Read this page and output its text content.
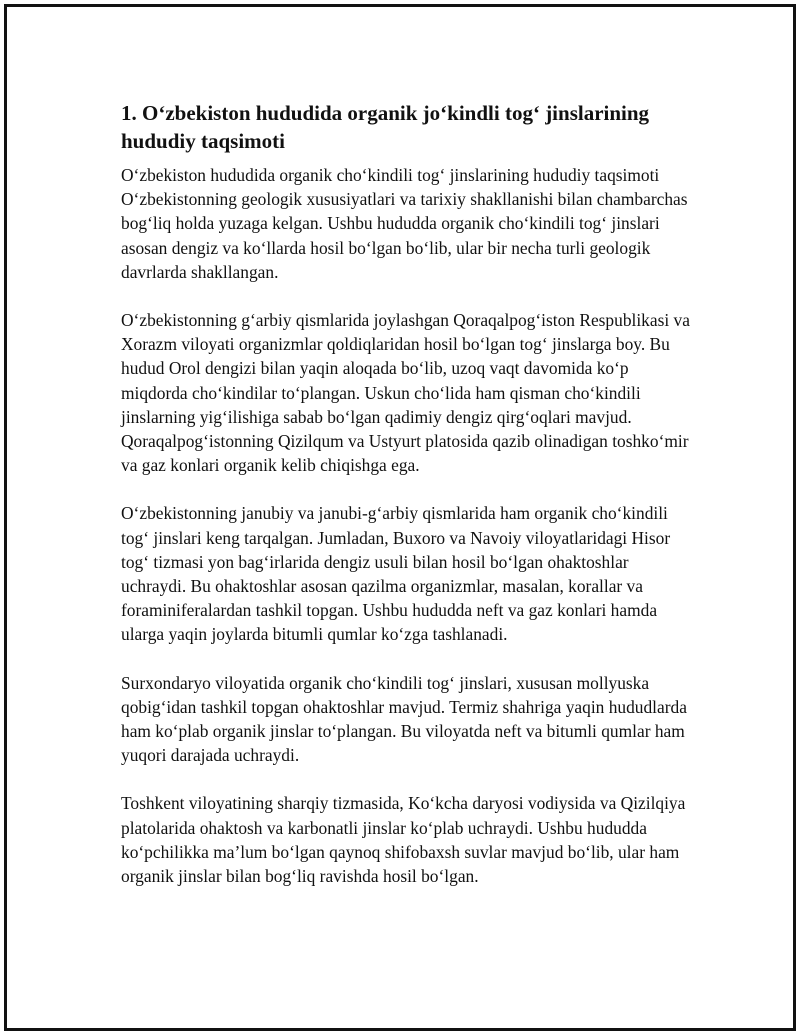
1. O‘zbekiston hududida organik jo‘kindli tog‘ jinslarining hududiy taqsimoti

O‘zbekiston hududida organik cho‘kindili tog‘ jinslarining hududiy taqsimoti O‘zbekistonning geologik xususiyatlari va tarixiy shakllanishi bilan chambarchas bog‘liq holda yuzaga kelgan. Ushbu hududda organik cho‘kindili tog‘ jinslari asosan dengiz va ko‘llarda hosil bo‘lgan bo‘lib, ular bir necha turli geologik davrlarda shakllangan.

O‘zbekistonning g‘arbiy qismlarida joylashgan Qoraqalpog‘iston Respublikasi va Xorazm viloyati organizmlar qoldiqlaridan hosil bo‘lgan tog‘ jinslarga boy. Bu hudud Orol dengizi bilan yaqin aloqada bo‘lib, uzoq vaqt davomida ko‘p miqdorda cho‘kindilar to‘plangan. Uskun cho‘lida ham qisman cho‘kindili jinslarning yig‘ilishiga sabab bo‘lgan qadimiy dengiz qirg‘oqlari mavjud. Qoraqalpog‘istonning Qizilqum va Ustyurt platosida qazib olinadigan toshko‘mir va gaz konlari organik kelib chiqishga ega.

O‘zbekistonning janubiy va janubi-g‘arbiy qismlarida ham organik cho‘kindili tog‘ jinslari keng tarqalgan. Jumladan, Buxoro va Navoiy viloyatlaridagi Hisor tog‘ tizmasi yon bag‘irlarida dengiz usuli bilan hosil bo‘lgan ohaktoshlar uchraydi. Bu ohaktoshlar asosan qazilma organizmlar, masalan, korallar va foraminiferalardan tashkil topgan. Ushbu hududda neft va gaz konlari hamda ularga yaqin joylarda bitumli qumlar ko‘zga tashlanadi.

Surxondaryo viloyatida organik cho‘kindili tog‘ jinslari, xususan mollyuska qobig‘idan tashkil topgan ohaktoshlar mavjud. Termiz shahriga yaqin hududlarda ham ko‘plab organik jinslar to‘plangan. Bu viloyatda neft va bitumli qumlar ham yuqori darajada uchraydi.

Toshkent viloyatining sharqiy tizmasida, Ko‘kcha daryosi vodiysida va Qizilqiya platolarida ohaktosh va karbonatli jinslar ko‘plab uchraydi. Ushbu hududda ko‘pchilikka ma’lum bo‘lgan qaynoq shifobaxsh suvlar mavjud bo‘lib, ular ham organik jinslar bilan bog‘liq ravishda hosil bo‘lgan.
